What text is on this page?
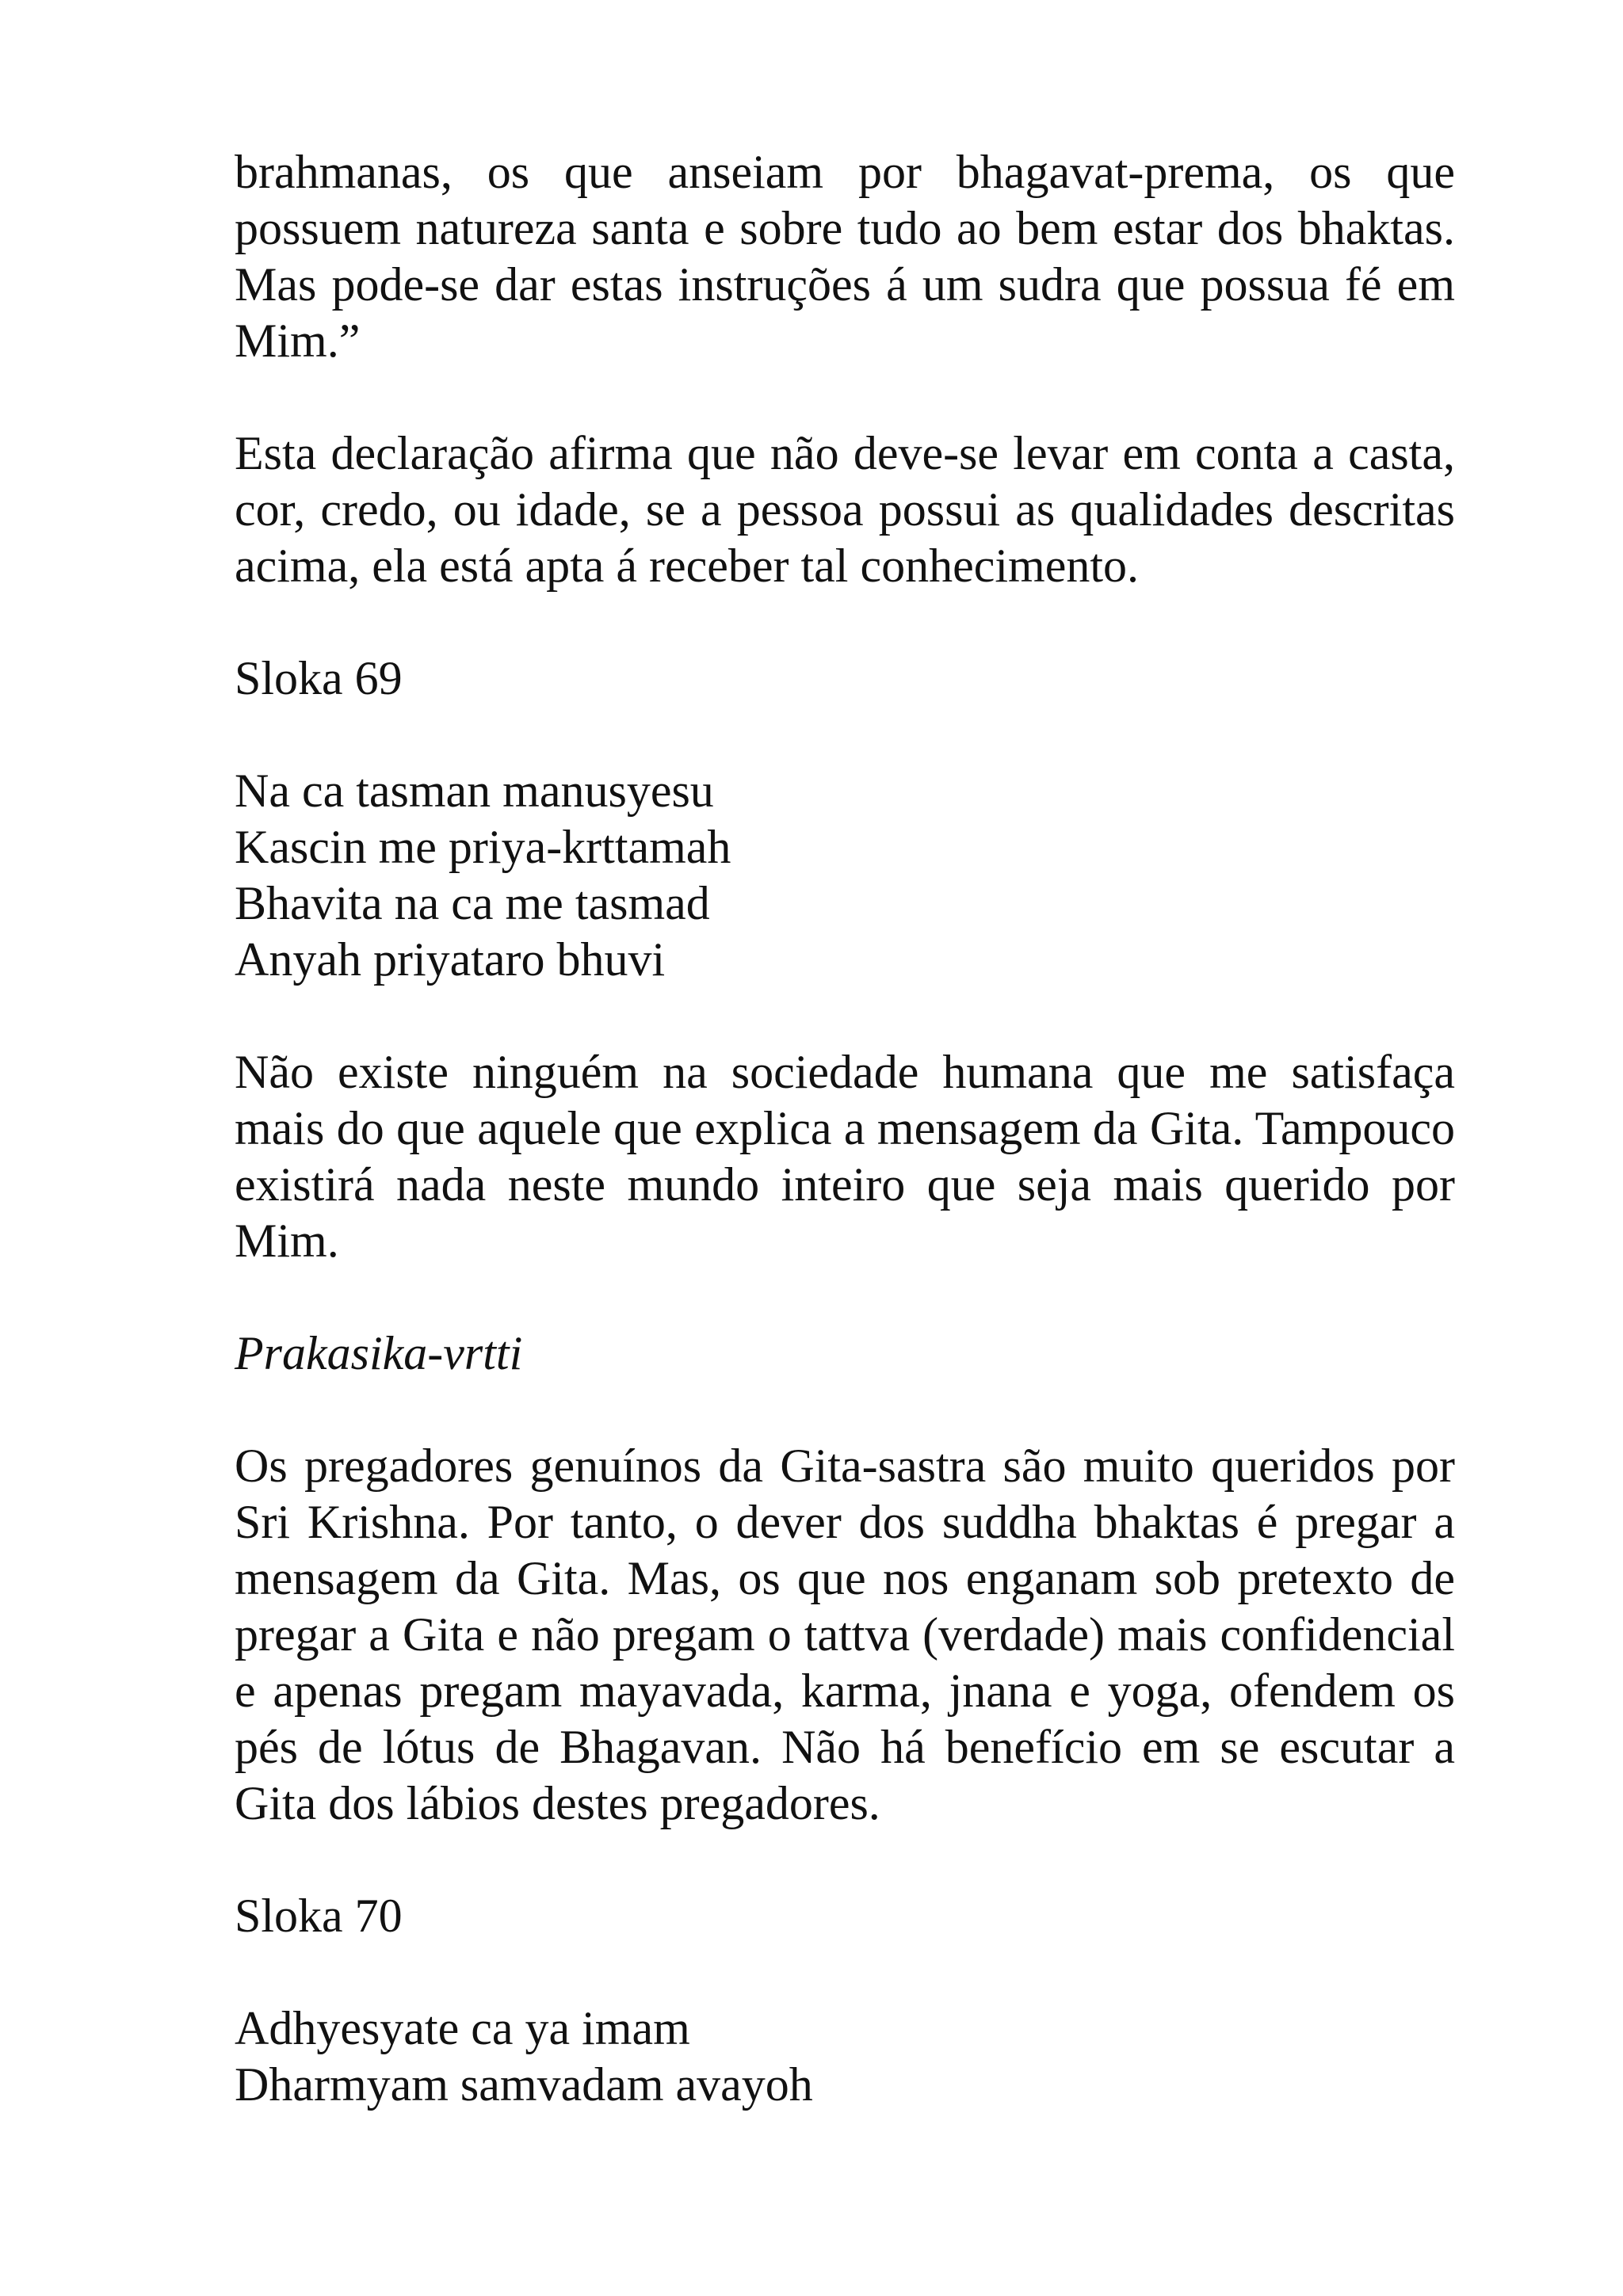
brahmanas, os que anseiam por bhagavat-prema, os que possuem natureza santa e sobre tudo ao bem estar dos bhaktas. Mas pode-se dar estas instruções á um sudra que possua fé em Mim.”

Esta declaração afirma que não deve-se levar em conta a casta, cor, credo, ou idade, se a pessoa possui as qualidades descritas acima, ela está apta á receber tal conhecimento.

Sloka 69
Na ca tasman manusyesu
Kascin me priya-krttamah
Bhavita na ca me tasmad
Anyah priyataro bhuvi

Não existe ninguém na sociedade humana que me satisfaça mais do que aquele que explica a mensagem da Gita. Tampouco existirá nada neste mundo inteiro que seja mais querido por Mim.

Prakasika-vrtti

Os pregadores genuínos da Gita-sastra são muito queridos por Sri Krishna. Por tanto, o dever dos suddha bhaktas é pregar a mensagem da Gita. Mas, os que nos enganam sob pretexto de pregar a Gita e não pregam o tattva (verdade) mais confidencial e apenas pregam mayavada, karma, jnana e yoga, ofendem os pés de lótus de Bhagavan. Não há benefício em se escutar a Gita dos lábios destes pregadores.

Sloka 70
Adhyesyate ca ya imam
Dharmyam samvadam avayoh
